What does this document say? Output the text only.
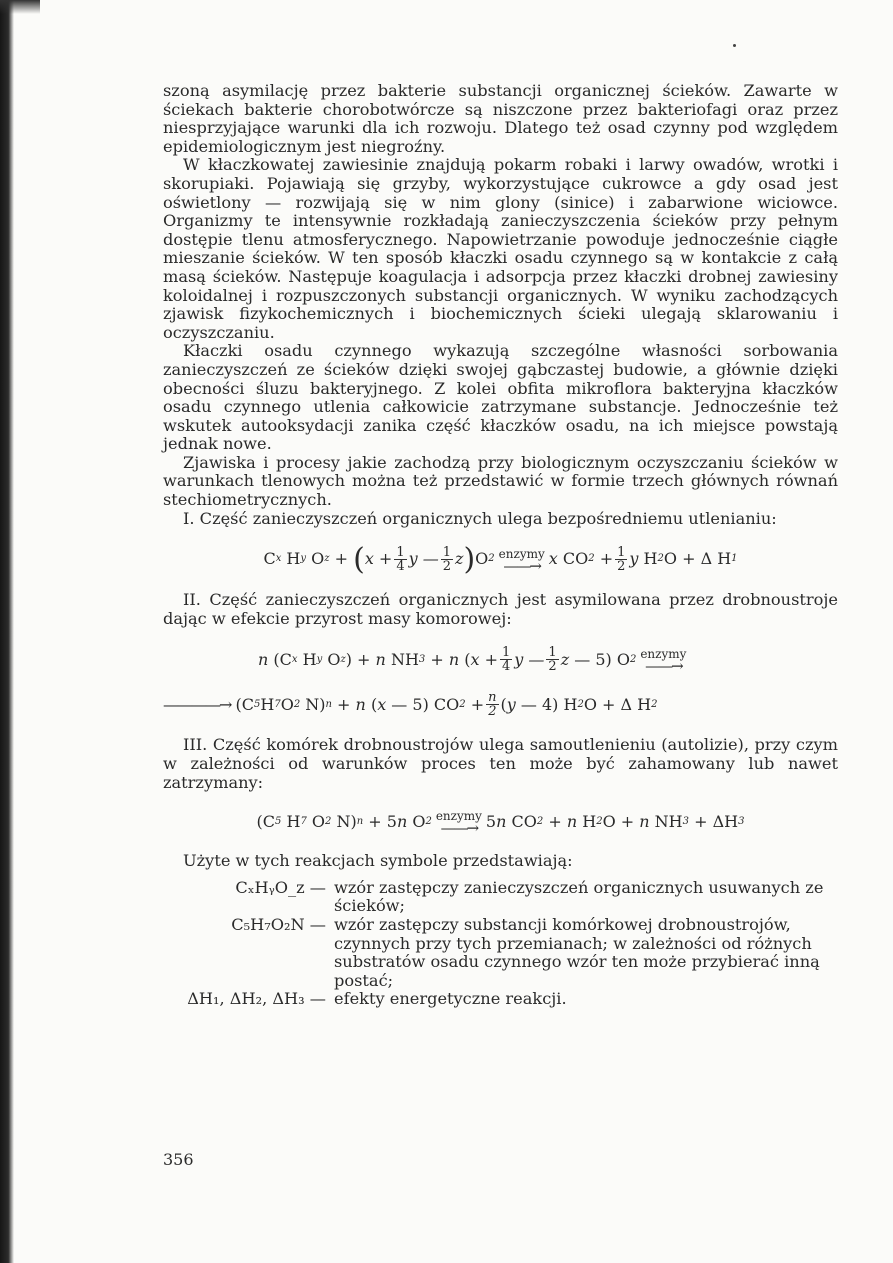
szoną asymilację przez bakterie substancji organicznej ścieków. Zawarte w ściekach bakterie chorobotwórcze są niszczone przez bakteriofagi oraz przez niesprzyjające warunki dla ich rozwoju. Dlatego też osad czynny pod względem epidemiologicznym jest niegroźny.

W kłaczkowatej zawiesinie znajdują pokarm robaki i larwy owadów, wrotki i skorupiaki. Pojawiają się grzyby, wykorzystujące cukrowce a gdy osad jest oświetlony — rozwijają się w nim glony (sinice) i zabarwione wiciowce. Organizmy te intensywnie rozkładają zanieczyszczenia ścieków przy pełnym dostępie tlenu atmosferycznego. Napowietrzanie powoduje jednocześnie ciągłe mieszanie ścieków. W ten sposób kłaczki osadu czynnego są w kontakcie z całą masą ścieków. Następuje koagulacja i adsorpcja przez kłaczki drobnej zawiesiny koloidalnej i rozpuszczonych substancji organicznych. W wyniku zachodzących zjawisk fizykochemicznych i biochemicznych ścieki ulegają sklarowaniu i oczyszczaniu.

Kłaczki osadu czynnego wykazują szczególne własności sorbowania zanieczyszczeń ze ścieków dzięki swojej gąbczastej budowie, a głównie dzięki obecności śluzu bakteryjnego. Z kolei obfita mikroflora bakteryjna kłaczków osadu czynnego utlenia całkowicie zatrzymane substancje. Jednocześnie też wskutek autooksydacji zanika część kłaczków osadu, na ich miejsce powstają jednak nowe.

Zjawiska i procesy jakie zachodzą przy biologicznym oczyszczaniu ścieków w warunkach tlenowych można też przedstawić w formie trzech głównych równań stechiometrycznych.

I. Część zanieczyszczeń organicznych ulega bezpośredniemu utlenianiu:

C x H y O z + ( $x + \frac{1}{4}$ y — $\frac{1}{2}$ z ) O 2 enzymy
——→ x CO $2 + \frac{1}{2}$ y H 2 O + Δ H 1

II. Część zanieczyszczeń organicznych jest asymilowana przez drobnoustroje dając w efekcie przyrost masy komorowej:

n (C x H y O z ) + n NH 3 + n ( $x + \frac{1}{4}$ y — $\frac{1}{2}$ z — 5) O 2 enzymy
——→
————→
(C 5 H 7 O 2 N) n + n ( x — 5) CO $2 + \frac{n}{2}$ ( y — 4) H 2 O + Δ H 2

III. Część komórek drobnoustrojów ulega samoutlenieniu (autolizie), przy czym w zależności od warunków proces ten może być zahamowany lub nawet zatrzymany:

(C 5 H 7 O 2 N) n + 5 n O 2 enzymy
——→ 5 n CO 2 + n H 2 O + n NH 3 + ΔH 3

Użyte w tych reakcjach symbole przedstawiają:

CₓHᵧO_z — wzór zastępczy zanieczyszczeń organicznych usuwanych ze ścieków;
C₅H₇O₂N — wzór zastępczy substancji komórkowej drobnoustrojów, czynnych przy tych przemianach; w zależności od różnych substratów osadu czynnego wzór ten może przybierać inną postać;
ΔH₁, ΔH₂, ΔH₃ — efekty energetyczne reakcji.
356
